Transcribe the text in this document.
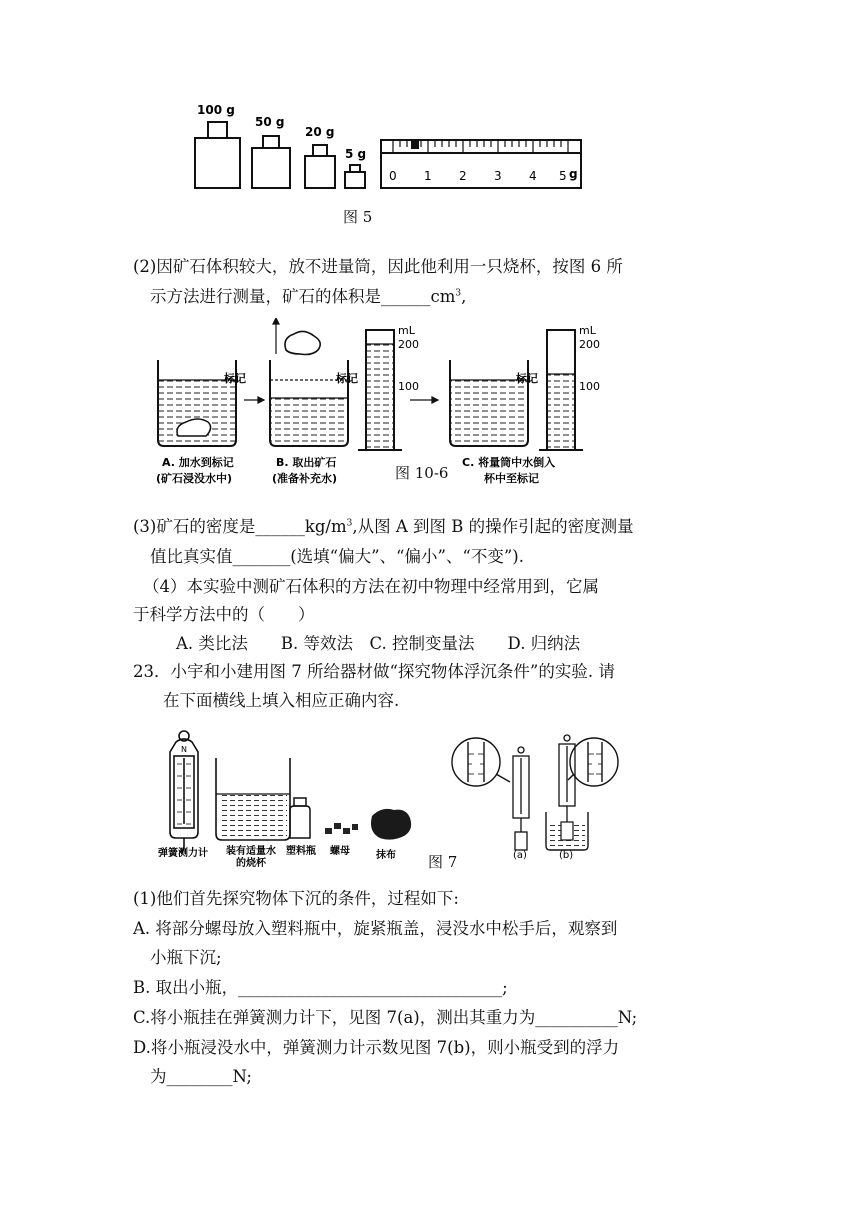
100 g
50 g
20 g
5 g
0 1 2 3 4 5 g
图 5
(2)因矿石体积较大，放不进量筒，因此他利用一只烧杯，按图 6 所
示方法进行测量，矿石的体积是$\_\_\_\_\_\_cm^3$,
标记	标记	标记
mL
200
100
mL
200
100
A. 加水到标记
(矿石浸没水中)
B. 取出矿石
(准备补充水)
C. 将量筒中水倒入
杯中至标记
图 10-6
(3)矿石的密度是$\_\_\_\_\_\_kg/m^3$,从图 A 到图 B 的操作引起的密度测量
值比真实值_______(选填“偏大”、“偏小”、“不变”).
（4）本实验中测矿石体积的方法在初中物理中经常用到，它属
于科学方法中的（　　）
A. 类比法　　B. 等效法　C. 控制变量法　　D. 归纳法
23．小宇和小建用图 7 所给器材做“探究物体浮沉条件”的实验. 请
在下面横线上填入相应正确内容.
N
弹簧测力计 装有适量水
的烧杯
塑料瓶 螺母	抹布	(a)	(b)
图 7
(1)他们首先探究物体下沉的条件，过程如下:
A. 将部分螺母放入塑料瓶中，旋紧瓶盖，浸没水中松手后，观察到
小瓶下沉;
B. 取出小瓶，________________________________;
C.将小瓶挂在弹簧测力计下，见图 7(a)，测出其重力为__________N;
D.将小瓶浸没水中，弹簧测力计示数见图 7(b)，则小瓶受到的浮力
为________N;
